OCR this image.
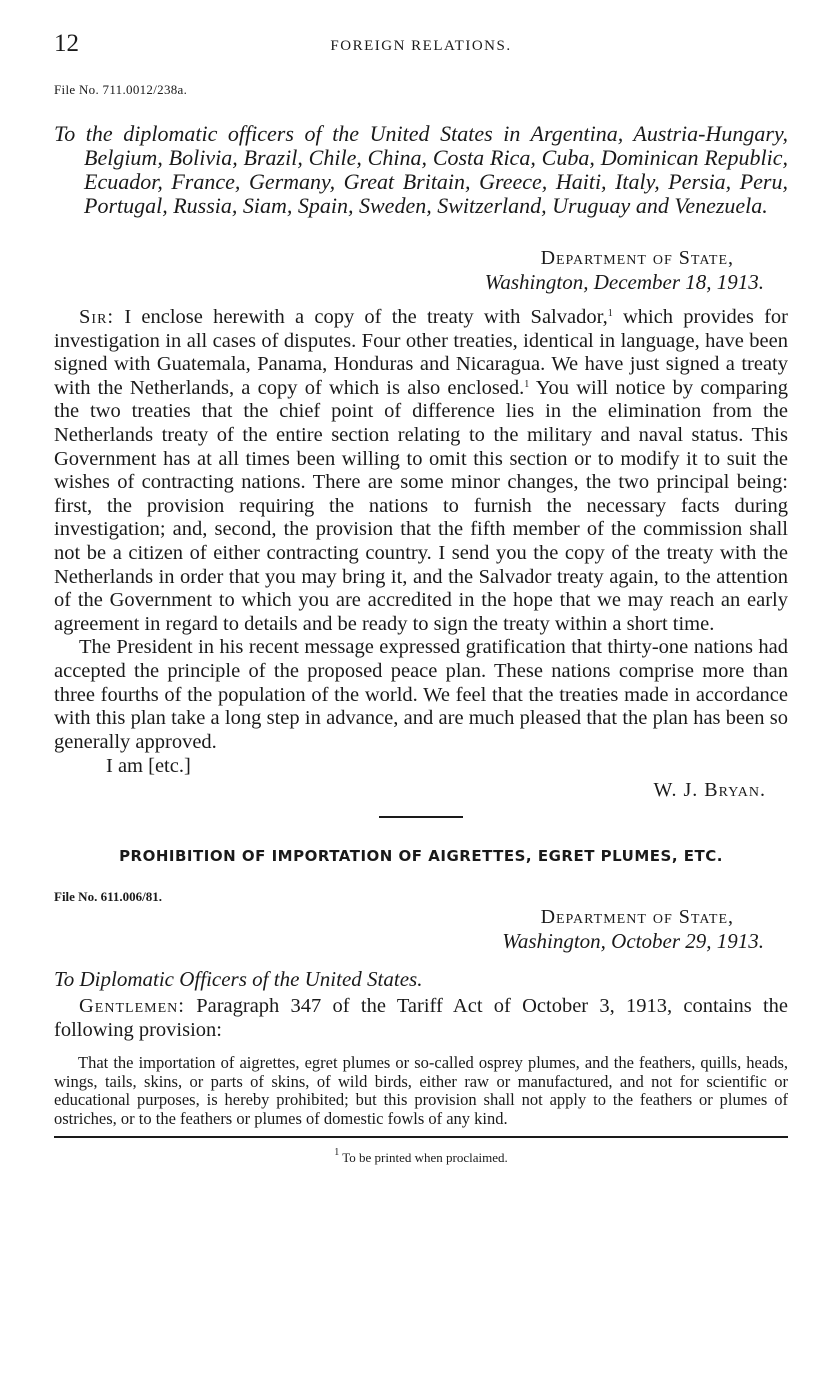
12	FOREIGN RELATIONS.
File No. 711.0012/238a.
To the diplomatic officers of the United States in Argentina, Austria-Hungary, Belgium, Bolivia, Brazil, Chile, China, Costa Rica, Cuba, Dominican Republic, Ecuador, France, Germany, Great Britain, Greece, Haiti, Italy, Persia, Peru, Portugal, Russia, Siam, Spain, Sweden, Switzerland, Uruguay and Venezuela.
Department of State,
Washington, December 18, 1913.

Sir: I enclose herewith a copy of the treaty with Salvador,$^1$ which provides for investigation in all cases of disputes. Four other treaties, identical in language, have been signed with Guatemala, Panama, Honduras and Nicaragua. We have just signed a treaty with the Netherlands, a copy of which is also enclosed.$^1$ You will notice by comparing the two treaties that the chief point of difference lies in the elimination from the Netherlands treaty of the entire section relating to the military and naval status. This Government has at all times been willing to omit this section or to modify it to suit the wishes of contracting nations. There are some minor changes, the two principal being: first, the provision requiring the nations to furnish the necessary facts during investigation; and, second, the provision that the fifth member of the commission shall not be a citizen of either contracting country. I send you the copy of the treaty with the Netherlands in order that you may bring it, and the Salvador treaty again, to the attention of the Government to which you are accredited in the hope that we may reach an early agreement in regard to details and be ready to sign the treaty within a short time.

The President in his recent message expressed gratification that thirty-one nations had accepted the principle of the proposed peace plan. These nations comprise more than three fourths of the population of the world. We feel that the treaties made in accordance with this plan take a long step in advance, and are much pleased that the plan has been so generally approved.

I am [etc.]
W. J. Bryan.
PROHIBITION OF IMPORTATION OF AIGRETTES, EGRET PLUMES, ETC.
File No. 611.006/81.
Department of State,
Washington, October 29, 1913.
To Diplomatic Officers of the United States.

Gentlemen: Paragraph 347 of the Tariff Act of October 3, 1913, contains the following provision:

That the importation of aigrettes, egret plumes or so-called osprey plumes, and the feathers, quills, heads, wings, tails, skins, or parts of skins, of wild birds, either raw or manufactured, and not for scientific or educational purposes, is hereby prohibited; but this provision shall not apply to the feathers or plumes of ostriches, or to the feathers or plumes of domestic fowls of any kind.

$^1$ To be printed when proclaimed.
